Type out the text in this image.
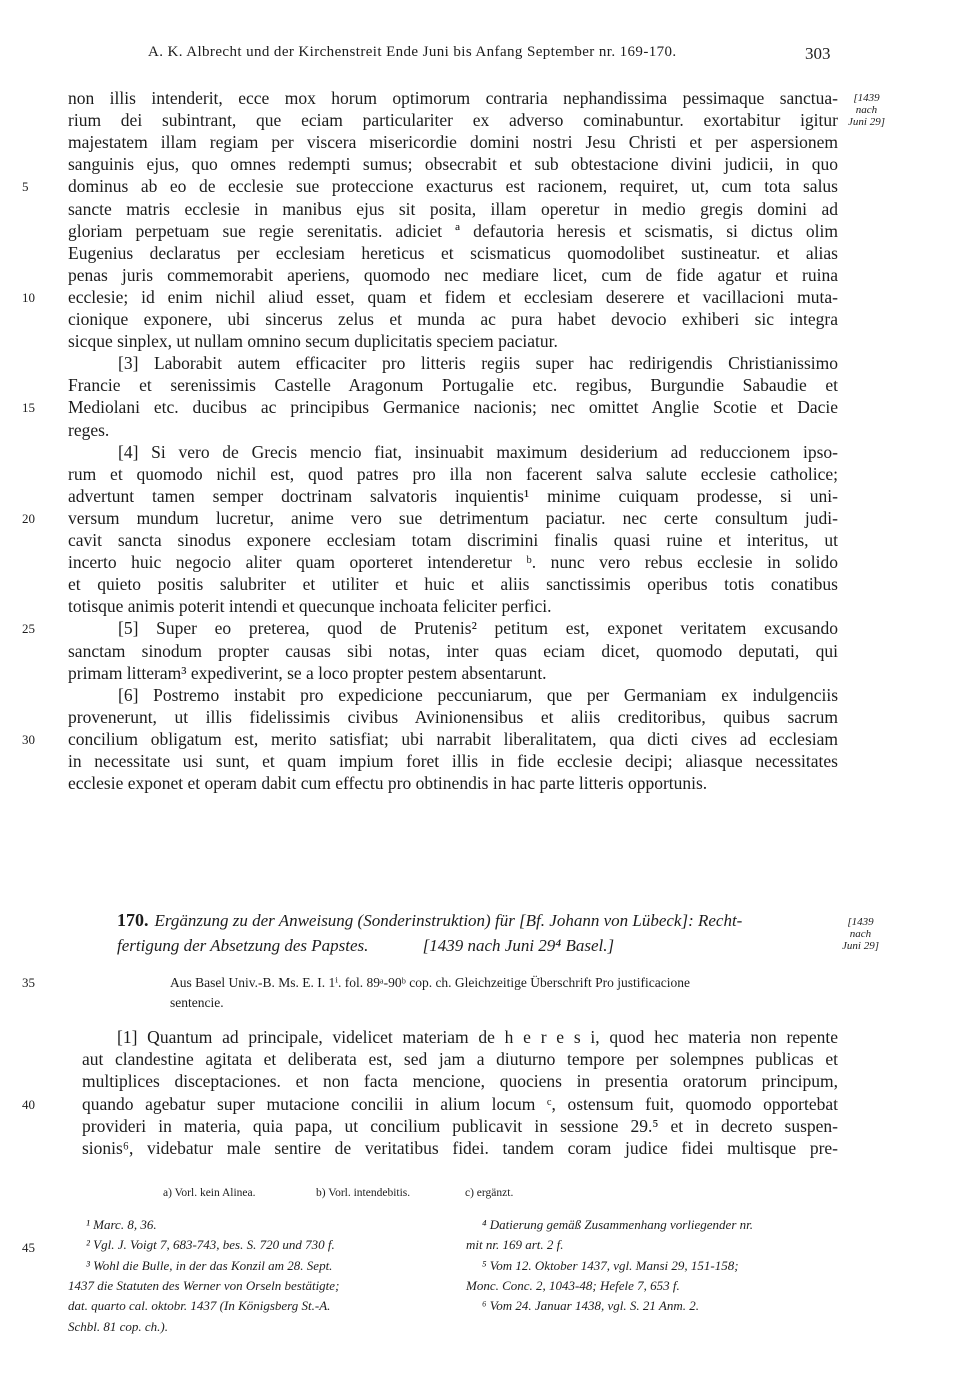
A. K. Albrecht und der Kirchenstreit Ende Juni bis Anfang September nr. 169-170.	303
[1439
nach
Juni 29]
non illis intenderit, ecce mox horum optimorum contraria nephandissima pessimaque sanctua-
rium dei subintrant, que eciam particulariter ex adverso cominabuntur. exortabitur igitur
majestatem illam regiam per viscera misericordie domini nostri Jesu Christi et per aspersionem
sanguinis ejus, quo omnes redempti sumus; obsecrabit et sub obtestacione divini judicii, in quo
dominus ab eo de ecclesie sue proteccione exacturus est racionem, requiret, ut, cum tota salus
sancte matris ecclesie in manibus ejus sit posita, illam operetur in medio gregis domini ad
gloriam perpetuam sue regie serenitatis. adiciet ª defautoria heresis et scismatis, si dictus olim
Eugenius declaratus per ecclesiam hereticus et scismaticus quomodolibet sustineatur. et alias
penas juris commemorabit aperiens, quomodo nec mediare licet, cum de fide agatur et ruina
ecclesie; id enim nichil aliud esset, quam et fidem et ecclesiam deserere et vacillacioni muta-
cionique exponere, ubi sincerus zelus et munda ac pura habet devocio exhiberi sic integra
sicque sinplex, ut nullam omnino secum duplicitatis speciem paciatur.
[3] Laborabit autem efficaciter pro litteris regiis super hac redirigendis Christianissimo
Francie et serenissimis Castelle Aragonum Portugalie etc. regibus, Burgundie Sabaudie et
Mediolani etc. ducibus ac principibus Germanice nacionis; nec omittet Anglie Scotie et Dacie
reges.
[4] Si vero de Grecis mencio fiat, insinuabit maximum desiderium ad reduccionem ipso-
rum et quomodo nichil est, quod patres pro illa non facerent salva salute ecclesie catholice;
advertunt tamen semper doctrinam salvatoris inquientis¹ minime cuiquam prodesse, si uni-
versum mundum lucretur, anime vero sue detrimentum paciatur. nec certe consultum judi-
cavit sancta sinodus exponere ecclesiam totam discrimini finalis quasi ruine et interitus, ut
incerto huic negocio aliter quam oporteret intenderetur ᵇ. nunc vero rebus ecclesie in solido
et quieto positis salubriter et utiliter et huic et aliis sanctissimis operibus totis conatibus
totisque animis poterit intendi et quecunque inchoata feliciter perfici.
[5] Super eo preterea, quod de Prutenis² petitum est, exponet veritatem excusando
sanctam sinodum propter causas sibi notas, inter quas eciam dicet, quomodo deputati, qui
primam litteram³ expediverint, se a loco propter pestem absentarunt.
[6] Postremo instabit pro expedicione peccuniarum, que per Germaniam ex indulgenciis
provenerunt, ut illis fidelissimis civibus Avinionensibus et aliis creditoribus, quibus sacrum
concilium obligatum est, merito satisfiat; ubi narrabit liberalitatem, qua dicti cives ad ecclesiam
in necessitate usi sunt, et quam impium foret illis in fide ecclesie decipi; aliasque necessitates
ecclesie exponet et operam dabit cum effectu pro obtinendis in hac parte litteris opportunis.
5
10
15
20
25
30
35
170. Ergänzung zu der Anweisung (Sonderinstruktion) für [Bf. Johann von Lübeck]: Recht-
fertigung der Absetzung des Papstes.	[1439 nach Juni 29⁴ Basel.]
[1439
nach
Juni 29]
Aus Basel Univ.-B. Ms. E. I. 1ⁱ. fol. 89ᵃ-90ᵇ cop. ch. Gleichzeitige Überschrift Pro justificacione
sentencie.
[1] Quantum ad principale, videlicet materiam de h e r e s i, quod hec materia non repente
aut clandestine agitata et deliberata est, sed jam a diuturno tempore per solempnes publicas et
multiplices disceptaciones. et non facta mencione, quociens in presentia oratorum principum,
quando agebatur super mutacione concilii in alium locum ᶜ, ostensum fuit, quomodo opportebat
provideri in materia, quia papa, ut concilium publicavit in sessione 29.⁵ et in decreto suspen-
sionis⁶, videbatur male sentire de veritatibus fidei. tandem coram judice fidei multisque pre-
40
a) Vorl. kein Alinea.	b) Vorl. intendebitis.	c) ergänzt.
¹ Marc. 8, 36.
² Vgl. J. Voigt 7, 683-743, bes. S. 720 und 730 f.
³ Wohl die Bulle, in der das Konzil am 28. Sept.
1437 die Statuten des Werner von Orseln bestätigte;
dat. quarto cal. oktobr. 1437 (In Königsberg St.-A.
Schbl. 81 cop. ch.).
45
⁴ Datierung gemäß Zusammenhang vorliegender nr.
mit nr. 169 art. 2 f.
⁵ Vom 12. Oktober 1437, vgl. Mansi 29, 151-158;
Monc. Conc. 2, 1043-48; Hefele 7, 653 f.
⁶ Vom 24. Januar 1438, vgl. S. 21 Anm. 2.
